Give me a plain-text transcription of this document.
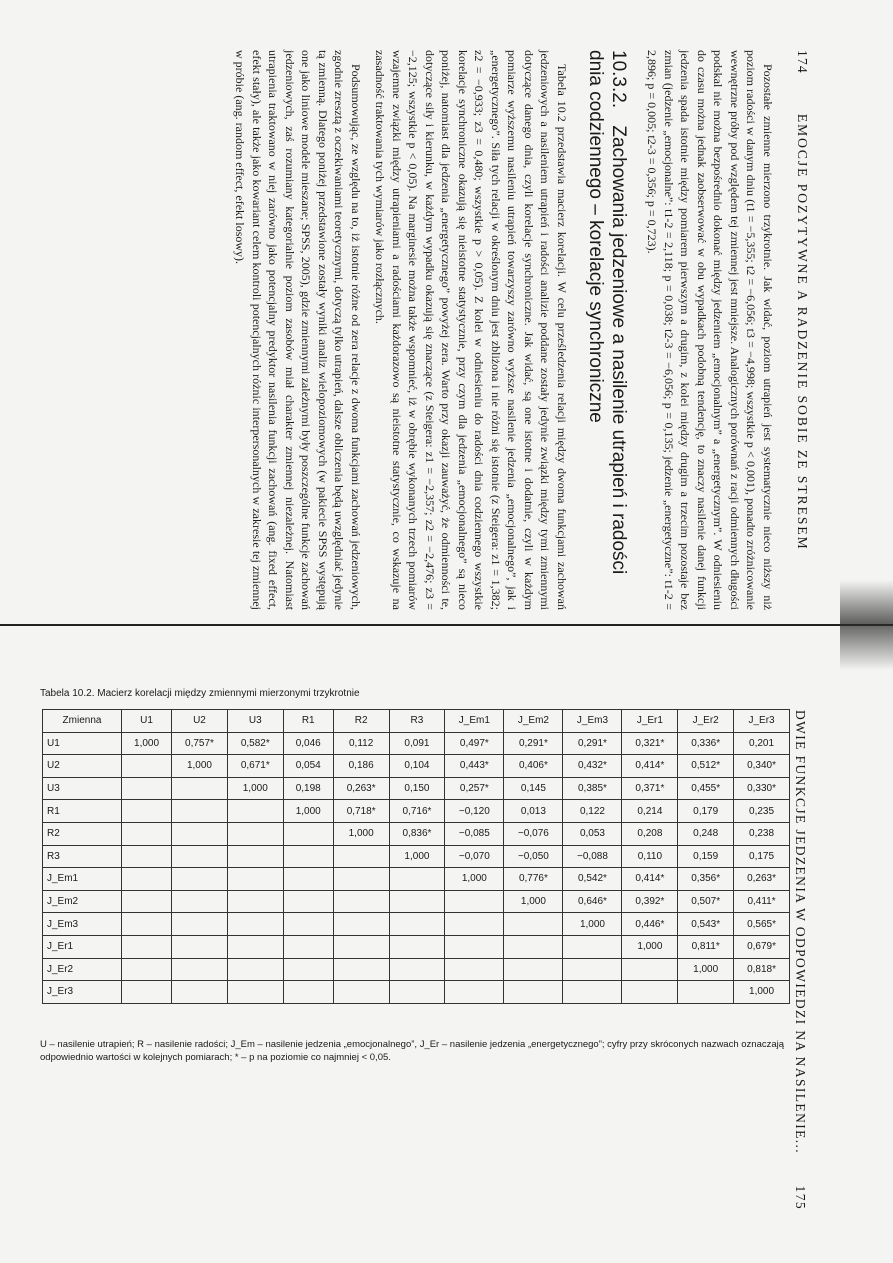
174
EMOCJE POZYTYWNE A RADZENIE SOBIE ZE STRESEM

Pozostałe zmienne mierzono trzykrotnie. Jak widać, poziom utrapień jest systematycznie nieco niższy niż poziom radości w danym dniu (t1 = −5,355; t2 = −6,056; t3 = −4,998; wszystkie p < 0,001), ponadto zróżnicowanie wewnętrzne próby pod względem tej zmiennej jest mniejsze. Analogicznych porównań z racji odmiennych długości podskal nie można bezpośrednio dokonać między jedzeniem „emocjonalnym” a „energetycznym”. W odniesieniu do czasu można jednak zaobserwować w obu wypadkach podobną tendencję, to znaczy nasilenie danej funkcji jedzenia spada istotnie między pomiarem pierwszym a drugim, z kolei między drugim a trzecim pozostaje bez zmian (jedzenie „emocjonalne”: t1-2 = 2,118; p = 0,038; t2-3 = −6,056; p = 0,135; jedzenie „energetyczne”: t1-2 = 2,896; p = 0,005; t2-3 = 0,356; p = 0,723).

10.3.2. Zachowania jedzeniowe a nasilenie utrapień i radości dnia codziennego – korelacje synchroniczne

Tabela 10.2 przedstawia macierz korelacji. W celu prześledzenia relacji między dwoma funkcjami zachowań jedzeniowych a nasileniem utrapień i radości analizie poddane zostały jedynie związki między tymi zmiennymi dotyczące danego dnia, czyli korelacje synchroniczne. Jak widać, są one istotne i dodatnie, czyli w każdym pomiarze wyższemu nasileniu utrapień towarzyszy zarówno wyższe nasilenie jedzenia „emocjonalnego”, jak i „energetycznego”. Siła tych relacji w określonym dniu jest zbliżona i nie różni się istotnie (z Steigera: z1 = 1,382; z2 = −0,933; z3 = 0,480; wszystkie p > 0,05). Z kolei w odniesieniu do radości dnia codziennego wszystkie korelacje synchroniczne okazują się nieistotne statystycznie, przy czym dla jedzenia „emocjonalnego” są nieco poniżej, natomiast dla jedzenia „energetycznego” powyżej zera. Warto przy okazji zauważyć, że odmienności te, dotyczące siły i kierunku, w każdym wypadku okazują się znaczące (z Steigera: z1 = −2,357; z2 = −2,476; z3 = −2,125; wszystkie p < 0,05). Na marginesie można także wspomnieć, iż w obrębie wykonanych trzech pomiarów wzajemne związki między utrapieniami a radościami każdorazowo są nieistotne statystycznie, co wskazuje na zasadność traktowania tych wymiarów jako rozłącznych.

Podsumowując, ze względu na to, iż istotnie różne od zera relacje z dwoma funkcjami zachowań jedzeniowych, zgodnie zresztą z oczekiwaniami teoretycznymi, dotyczą tylko utrapień, dalsze obliczenia będą uwzględniać jedynie tą zmienną. Dlatego poniżej przedstawione zostały wyniki analiz wielopoziomowych (w pakiecie SPSS występują one jako liniowe modele mieszane; SPSS, 2005), gdzie zmiennymi zależnymi były poszczególne funkcje zachowań jedzeniowych, zaś rozumiany kategorialnie poziom zasobów miał charakter zmiennej niezależnej. Natomiast utrapienia traktowano w niej zarówno jako potencjalny predyktor nasilenia funkcji zachowań (ang. fixed effect, efekt stały), ale także jako kowariant celem kontroli potencjalnych różnic interpersonalnych w zakresie tej zmiennej w próbie (ang. random effect, efekt losowy).

Tabela 10.2. Macierz korelacji między zmiennymi mierzonymi trzykrotnie
Zmienna	U1	U2	U3	R1	R2	R3	J_Em1	J_Em2	J_Em3	J_Er1	J_Er2	J_Er3
U1	1,000	0,757*	0,582*	0,046	0,112	0,091	0,497*	0,291*	0,291*	0,321*	0,336*	0,201
U2		1,000	0,671*	0,054	0,186	0,104	0,443*	0,406*	0,432*	0,414*	0,512*	0,340*
U3			1,000	0,198	0,263*	0,150	0,257*	0,145	0,385*	0,371*	0,455*	0,330*
R1				1,000	0,718*	0,716*	−0,120	0,013	0,122	0,214	0,179	0,235
R2					1,000	0,836*	−0,085	−0,076	0,053	0,208	0,248	0,238
R3						1,000	−0,070	−0,050	−0,088	0,110	0,159	0,175
J_Em1							1,000	0,776*	0,542*	0,414*	0,356*	0,263*
J_Em2								1,000	0,646*	0,392*	0,507*	0,411*
J_Em3									1,000	0,446*	0,543*	0,565*
J_Er1										1,000	0,811*	0,679*
J_Er2											1,000	0,818*
J_Er3												1,000
U – nasilenie utrapień; R – nasilenie radości; J_Em – nasilenie jedzenia „emocjonalnego”, J_Er – nasilenie jedzenia „energetycznego”; cyfry przy skróconych nazwach oznaczają odpowiednio wartości w kolejnych pomiarach; * – p na poziomie co najmniej < 0,05.	DWIE FUNKCJE JEDZENIA W ODPOWIEDZI NA NASILENIE...
175
